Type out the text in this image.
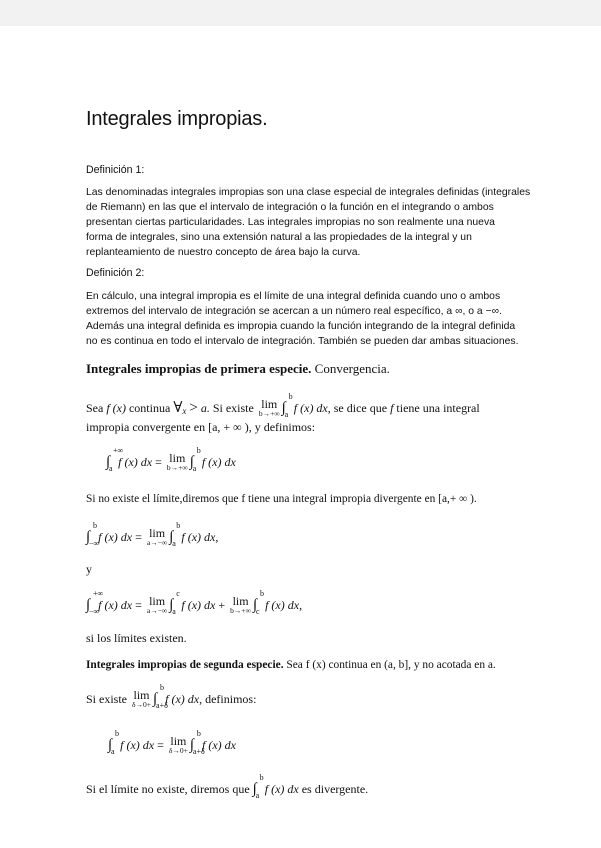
Integrales impropias.
Definición 1:
Las denominadas integrales impropias son una clase especial de integrales definidas (integrales
de Riemann) en las que el intervalo de integración o la función en el integrando o ambos
presentan ciertas particularidades. Las integrales impropias no son realmente una nueva
forma de integrales, sino una extensión natural a las propiedades de la integral y un
replanteamiento de nuestro concepto de área bajo la curva.
Definición 2:
En cálculo, una integral impropia es el límite de una integral definida cuando uno o ambos
extremos del intervalo de integración se acercan a un número real específico, a ∞, o a −∞.
Además una integral definida es impropia cuando la función integrando de la integral definida
no es continua en todo el intervalo de integración. También se pueden dar ambas situaciones.
Integrales impropias de primera especie. Convergencia.
Sea f (x) continua ∀x > a. Si existe lim
b→+∞ ∫
b
a f (x) dx, se dice que f tiene una integral
impropia convergente en [a, + ∞ ), y definimos:
∫
+∞
a f (x) dx = lim
b→+∞ ∫
b
a f (x) dx
Si no existe el límite,diremos que f tiene una integral impropia divergente en [a,+ ∞ ).
∫
b
−∞
f (x) dx = lim
a→−∞ ∫
b
a f (x) dx,
y
∫
+∞
−∞
f (x) dx = lim
a→−∞ ∫
c
a f (x) dx + lim
b→+∞ ∫
b
c f (x) dx,
si los límites existen.
Integrales impropias de segunda especie. Sea f (x) continua en (a, b], y no acotada en a.
Si existe lim
δ→0+ ∫
b
a+δ
f (x) dx, definimos:
∫
b
a f (x) dx = lim
δ→0+ ∫
b
a+δ
f (x) dx
Si el límite no existe, diremos que ∫
b
a f (x) dx es divergente.
